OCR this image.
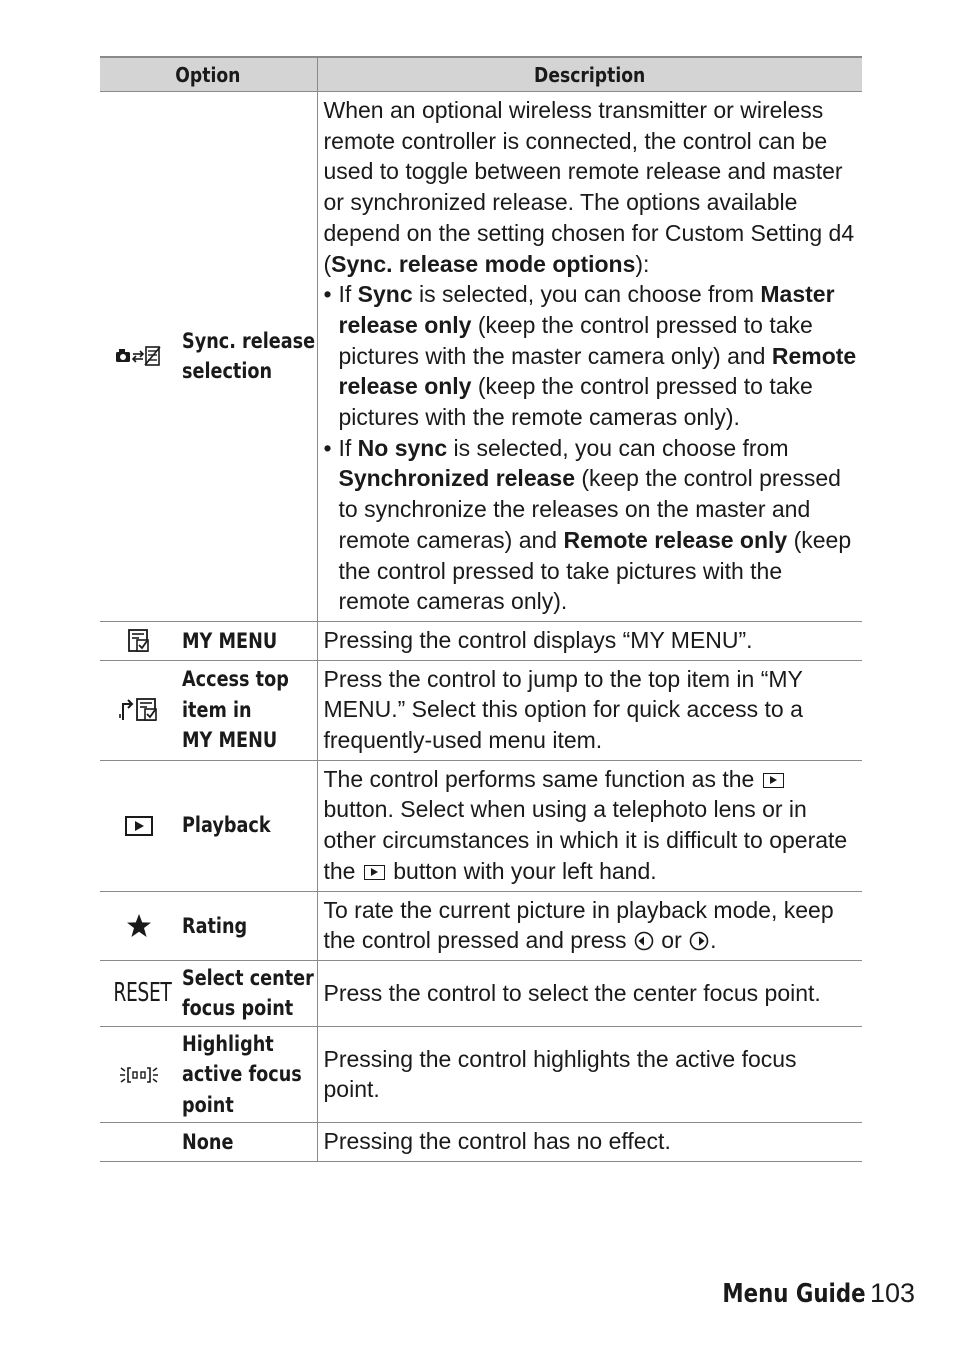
Option		Description
	Sync. release
selection	When an optional wireless transmitter or wireless remote controller is connected, the control can be used to toggle between remote release and master or synchronized release. The options available depend on the setting chosen for Custom Setting d4 (Sync. release mode options):
• If Sync is selected, you can choose from Master release only (keep the control pressed to take pictures with the master camera only) and Remote release only (keep the control pressed to take pictures with the remote cameras only).
• If No sync is selected, you can choose from Synchronized release (keep the control pressed to synchronize the releases on the master and remote cameras) and Remote release only (keep the control pressed to take pictures with the remote cameras only).

	MY MENU	Pressing the control displays “MY MENU”.
	Access top
item in
MY MENU	Press the control to jump to the top item in “MY MENU.” Select this option for quick access to a frequently-used menu item.
	Playback	The control performs same function as the  button. Select when using a telephoto lens or in other circumstances in which it is difficult to operate the  button with your left hand.
	Rating	To rate the current picture in playback mode, keep the control pressed and press  or .
RESET	Select center
focus point	Press the control to select the center focus point.
	Highlight
active focus
point	Pressing the control highlights the active focus point.
	None	Pressing the control has no effect.
Menu Guide 103
